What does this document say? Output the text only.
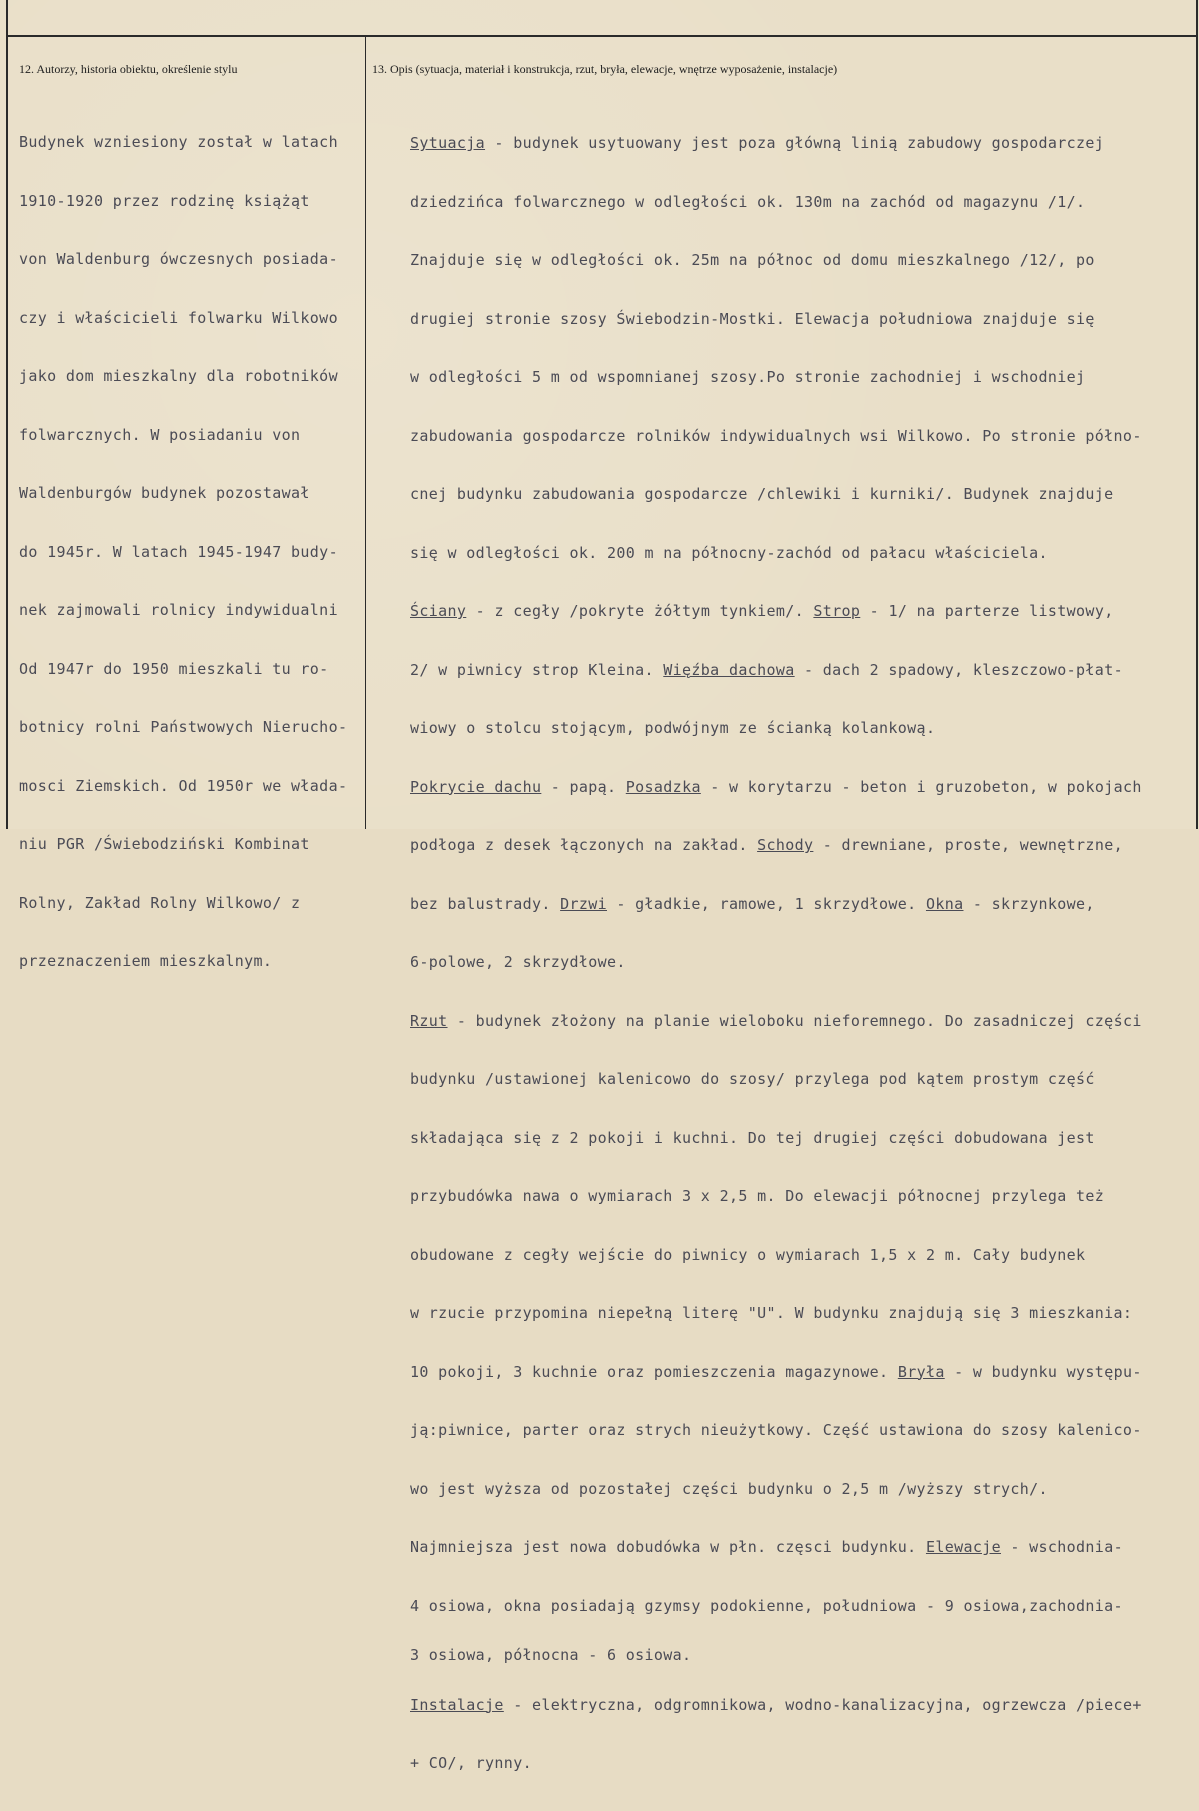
12. Autorzy, historia obiektu, określenie stylu	13. Opis (sytuacja, materiał i konstrukcja, rzut, bryła, elewacje, wnętrze wyposażenie, instalacje)

Budynek wzniesiony został w latach

1910-1920 przez rodzinę książąt

von Waldenburg ówczesnych posiada-

czy i właścicieli folwarku Wilkowo

jako dom mieszkalny dla robotników

folwarcznych. W posiadaniu von

Waldenburgów budynek pozostawał

do 1945r. W latach 1945-1947 budy-

nek zajmowali rolnicy indywidualni

Od 1947r do 1950 mieszkali tu ro-

botnicy rolni Państwowych Nierucho-

mosci Ziemskich. Od 1950r we włada-

niu PGR /Świebodziński Kombinat

Rolny, Zakład Rolny Wilkowo/ z

przeznaczeniem mieszkalnym.

Sytuacja - budynek usytuowany jest poza główną linią zabudowy gospodarczej

dziedzińca folwarcznego w odległości ok. 130m na zachód od magazynu /1/.

Znajduje się w odległości ok. 25m na północ od domu mieszkalnego /12/, po

drugiej stronie szosy Świebodzin-Mostki. Elewacja południowa znajduje się

w odległości 5 m od wspomnianej szosy.Po stronie zachodniej i wschodniej

zabudowania gospodarcze rolników indywidualnych wsi Wilkowo. Po stronie półno-

cnej budynku zabudowania gospodarcze /chlewiki i kurniki/. Budynek znajduje

się w odległości ok. 200 m na północny-zachód od pałacu właściciela.

Ściany - z cegły /pokryte żółtym tynkiem/. Strop - 1/ na parterze listwowy,

2/ w piwnicy strop Kleina. Więźba dachowa - dach 2 spadowy, kleszczowo-płat-

wiowy o stolcu stojącym, podwójnym ze ścianką kolankową.

Pokrycie dachu - papą. Posadzka - w korytarzu - beton i gruzobeton, w pokojach

podłoga z desek łączonych na zakład. Schody - drewniane, proste, wewnętrzne,

bez balustrady. Drzwi - gładkie, ramowe, 1 skrzydłowe. Okna - skrzynkowe,

6-polowe, 2 skrzydłowe.

Rzut - budynek złożony na planie wieloboku nieforemnego. Do zasadniczej części

budynku /ustawionej kalenicowo do szosy/ przylega pod kątem prostym część

składająca się z 2 pokoji i kuchni. Do tej drugiej części dobudowana jest

przybudówka nawa o wymiarach 3 x 2,5 m. Do elewacji północnej przylega też

obudowane z cegły wejście do piwnicy o wymiarach 1,5 x 2 m. Cały budynek

w rzucie przypomina niepełną literę "U". W budynku znajdują się 3 mieszkania:

10 pokoji, 3 kuchnie oraz pomieszczenia magazynowe. Bryła - w budynku występu-

ją:piwnice, parter oraz strych nieużytkowy. Część ustawiona do szosy kalenico-

wo jest wyższa od pozostałej części budynku o 2,5 m /wyższy strych/.

Najmniejsza jest nowa dobudówka w płn. częsci budynku. Elewacje - wschodnia-

4 osiowa, okna posiadają gzymsy podokienne, południowa - 9 osiowa,zachodnia-

3 osiowa, północna - 6 osiowa.

Instalacje - elektryczna, odgromnikowa, wodno-kanalizacyjna, ogrzewcza /piece+

+ CO/, rynny.
